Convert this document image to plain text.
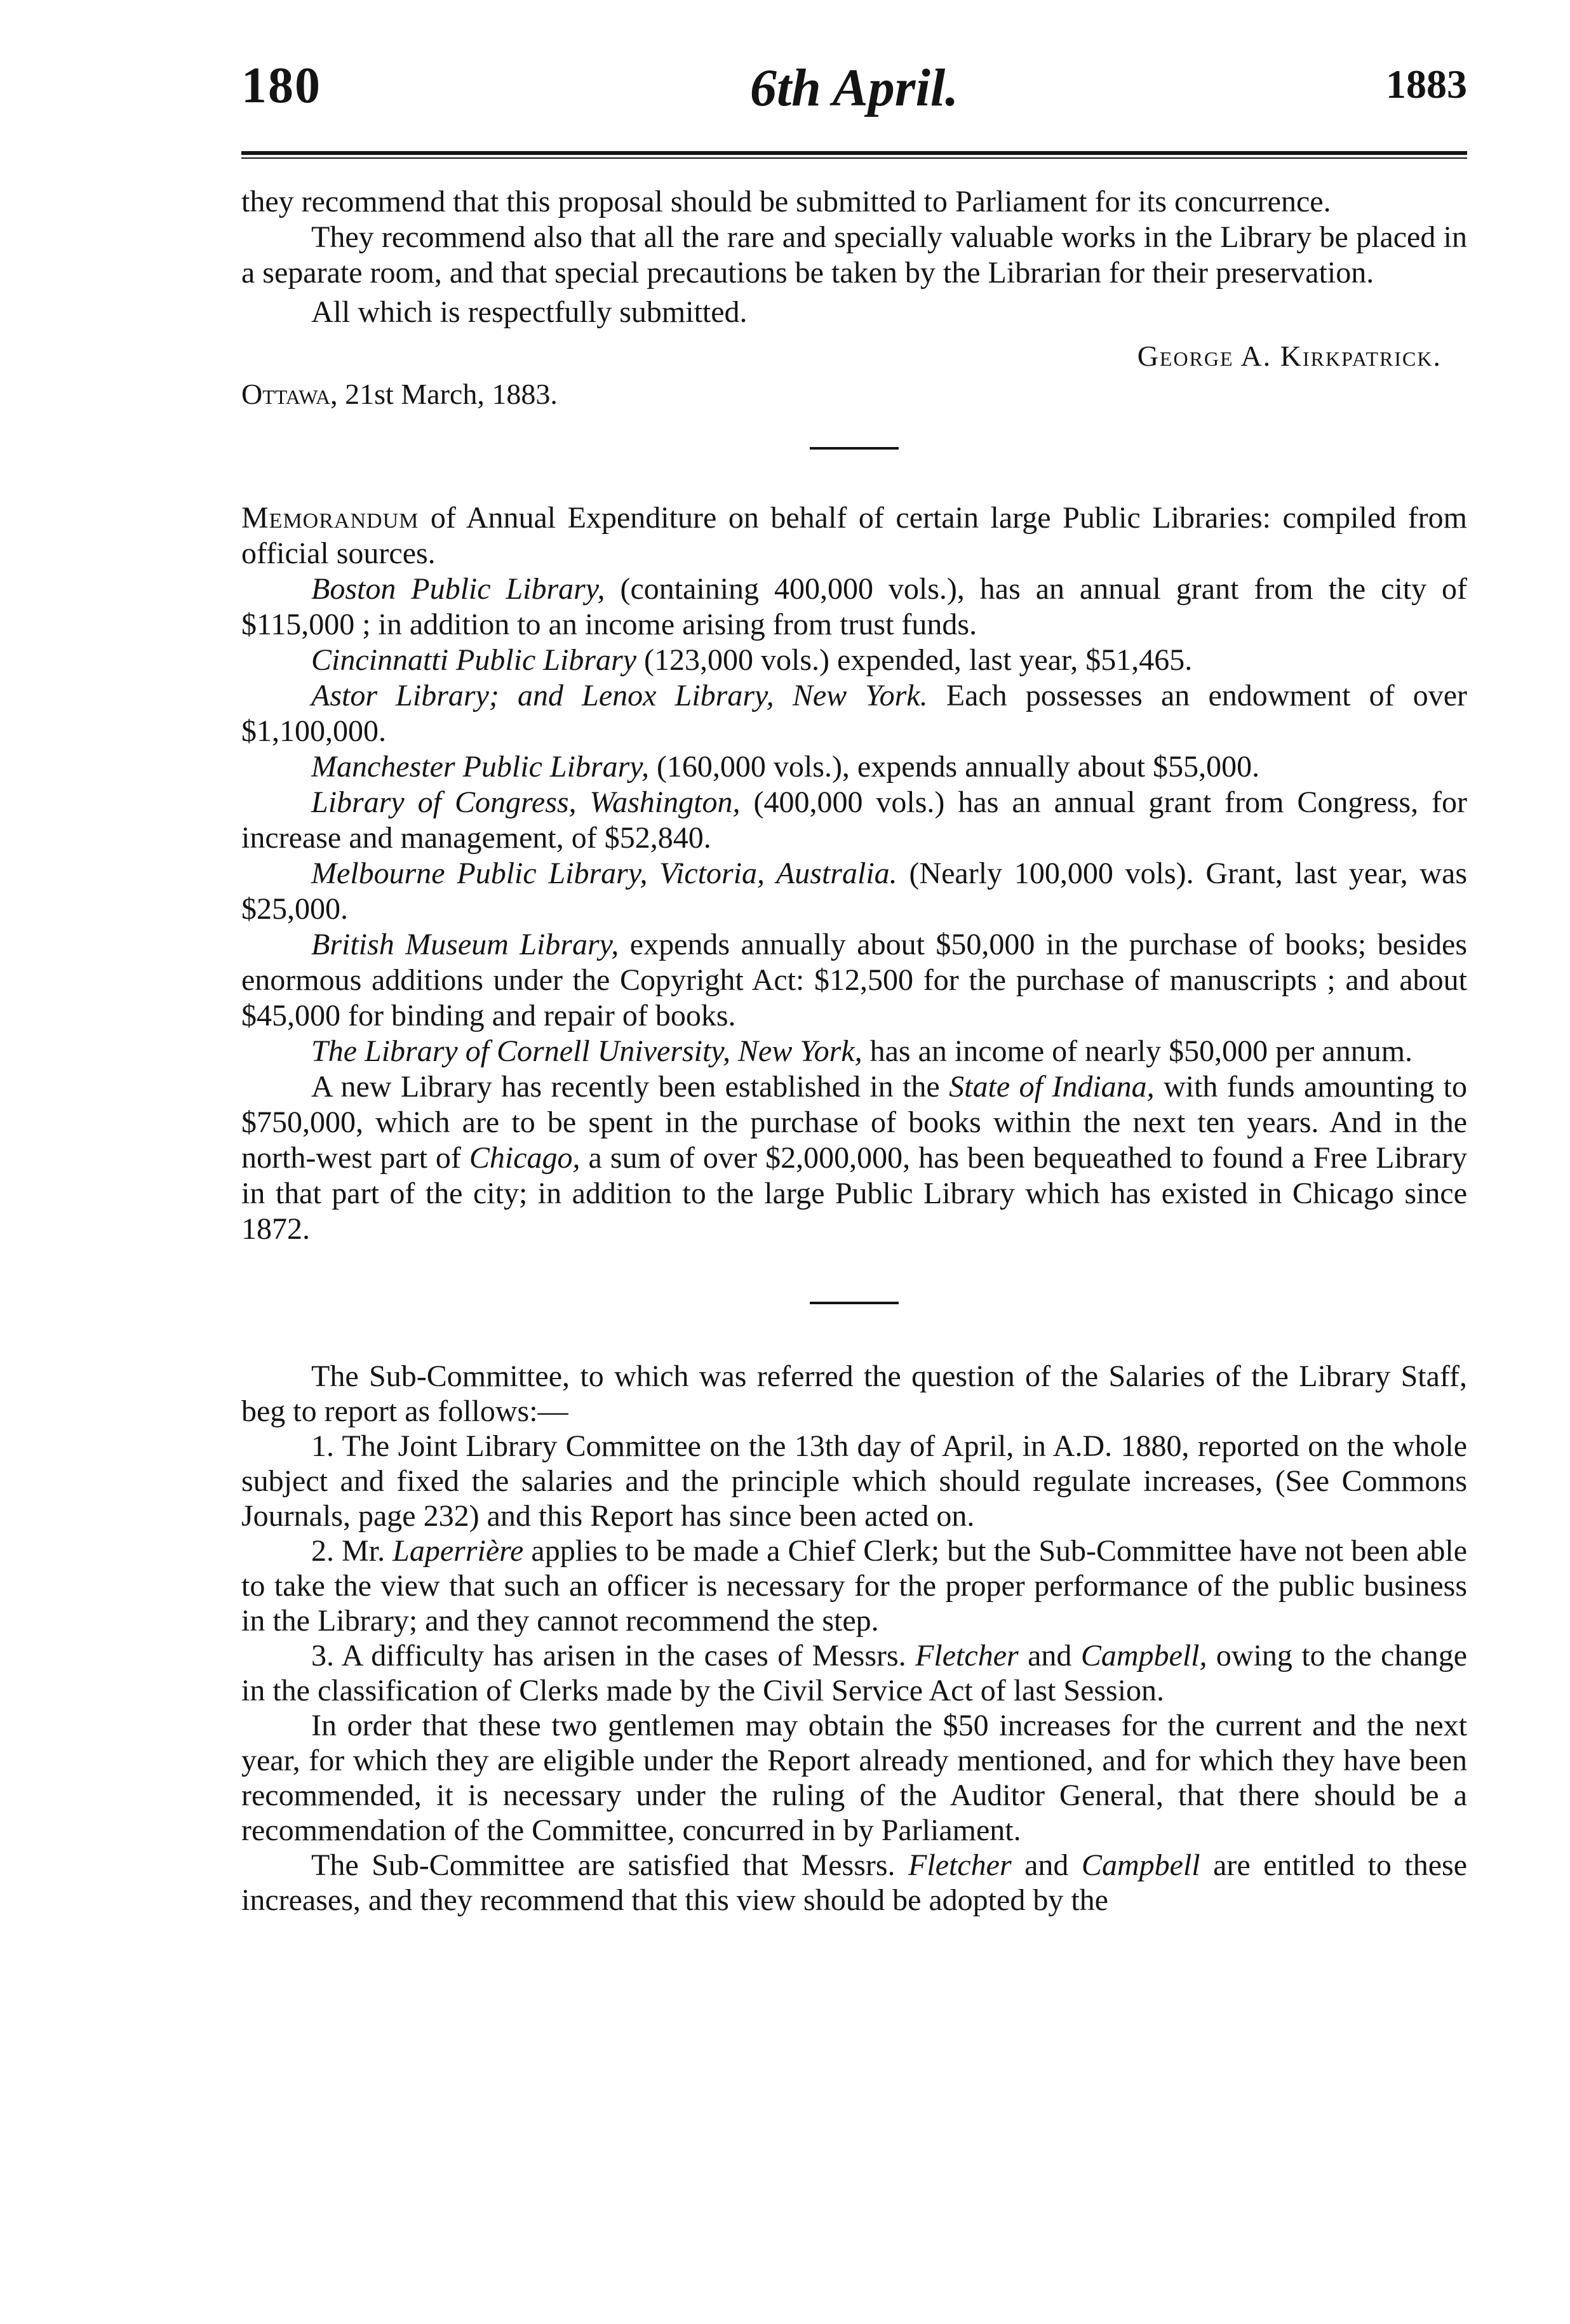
180	6th April.	1883

they recommend that this proposal should be submitted to Parliament for its concurrence.

They recommend also that all the rare and specially valuable works in the Library be placed in a separate room, and that special precautions be taken by the Librarian for their preservation.

All which is respectfully submitted.

George A. Kirkpatrick.
Ottawa, 21st March, 1883.

Memorandum of Annual Expenditure on behalf of certain large Public Libraries: compiled from official sources.

Boston Public Library, (containing 400,000 vols.), has an annual grant from the city of $115,000 ; in addition to an income arising from trust funds.

Cincinnatti Public Library (123,000 vols.) expended, last year, $51,465.

Astor Library; and Lenox Library, New York. Each possesses an endowment of over $1,100,000.

Manchester Public Library, (160,000 vols.), expends annually about $55,000.

Library of Congress, Washington, (400,000 vols.) has an annual grant from Congress, for increase and management, of $52,840.

Melbourne Public Library, Victoria, Australia. (Nearly 100,000 vols). Grant, last year, was $25,000.

British Museum Library, expends annually about $50,000 in the purchase of books; besides enormous additions under the Copyright Act: $12,500 for the purchase of manuscripts ; and about $45,000 for binding and repair of books.

The Library of Cornell University, New York, has an income of nearly $50,000 per annum.

A new Library has recently been established in the State of Indiana, with funds amounting to $750,000, which are to be spent in the purchase of books within the next ten years. And in the north-west part of Chicago, a sum of over $2,000,000, has been bequeathed to found a Free Library in that part of the city; in addition to the large Public Library which has existed in Chicago since 1872.

The Sub-Committee, to which was referred the question of the Salaries of the Library Staff, beg to report as follows:—

1. The Joint Library Committee on the 13th day of April, in A.D. 1880, reported on the whole subject and fixed the salaries and the principle which should regulate increases, (See Commons Journals, page 232) and this Report has since been acted on.

2. Mr. Laperrière applies to be made a Chief Clerk; but the Sub-Committee have not been able to take the view that such an officer is necessary for the proper performance of the public business in the Library; and they cannot recommend the step.

3. A difficulty has arisen in the cases of Messrs. Fletcher and Campbell, owing to the change in the classification of Clerks made by the Civil Service Act of last Session.

In order that these two gentlemen may obtain the $50 increases for the current and the next year, for which they are eligible under the Report already mentioned, and for which they have been recommended, it is necessary under the ruling of the Auditor General, that there should be a recommendation of the Committee, concurred in by Parliament.

The Sub-Committee are satisfied that Messrs. Fletcher and Campbell are entitled to these increases, and they recommend that this view should be adopted by the
